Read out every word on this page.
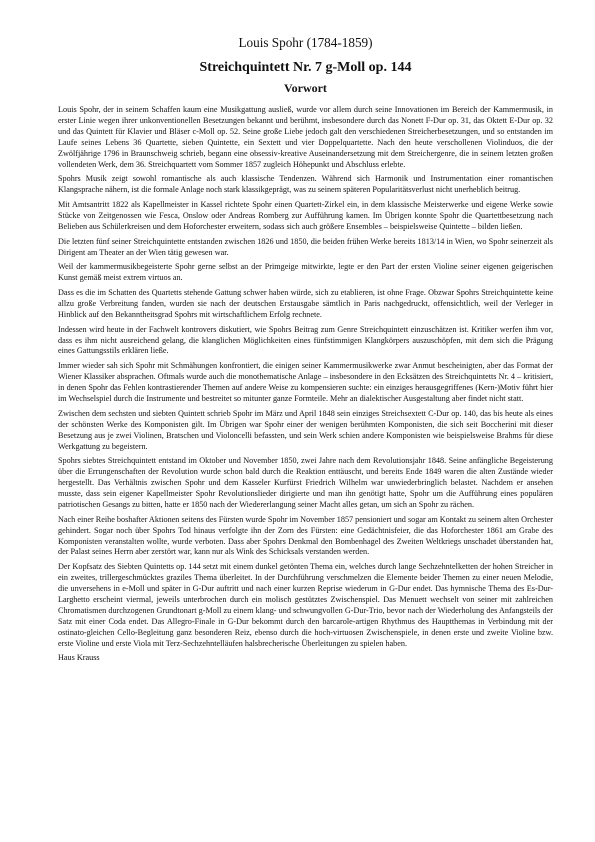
Louis Spohr (1784-1859)
Streichquintett Nr. 7 g-Moll op. 144
Vorwort

Louis Spohr, der in seinem Schaffen kaum eine Musikgattung ausließ, wurde vor allem durch seine Innovationen im Bereich der Kammermusik, in erster Linie wegen ihrer unkonventionellen Besetzungen bekannt und berühmt, insbesondere durch das Nonett F-Dur op. 31, das Oktett E-Dur op. 32 und das Quintett für Klavier und Bläser c-Moll op. 52. Seine große Liebe jedoch galt den verschiedenen Streicherbesetzungen, und so entstanden im Laufe seines Lebens 36 Quartette, sieben Quintette, ein Sextett und vier Doppelquartette. Nach den heute verschollenen Violinduos, die der Zwölfjährige 1796 in Braunschweig schrieb, begann eine obsessiv-kreative Auseinandersetzung mit dem Streichergenre, die in seinem letzten großen vollendeten Werk, dem 36. Streichquartett vom Sommer 1857 zugleich Höhepunkt und Abschluss erlebte.

Spohrs Musik zeigt sowohl romantische als auch klassische Tendenzen. Während sich Harmonik und Instrumentation einer romantischen Klangsprache nähern, ist die formale Anlage noch stark klassikgeprägt, was zu seinem späteren Popularitätsverlust nicht unerheblich beitrug.

Mit Amtsantritt 1822 als Kapellmeister in Kassel richtete Spohr einen Quartett-Zirkel ein, in dem klassische Meisterwerke und eigene Werke sowie Stücke von Zeitgenossen wie Fesca, Onslow oder Andreas Romberg zur Aufführung kamen. Im Übrigen konnte Spohr die Quartettbesetzung nach Belieben aus Schülerkreisen und dem Hoforchester erweitern, sodass sich auch größere Ensembles – beispielsweise Quintette – bilden ließen.

Die letzten fünf seiner Streichquintette entstanden zwischen 1826 und 1850, die beiden frühen Werke bereits 1813/14 in Wien, wo Spohr seinerzeit als Dirigent am Theater an der Wien tätig gewesen war.

Weil der kammermusikbegeisterte Spohr gerne selbst an der Primgeige mitwirkte, legte er den Part der ersten Violine seiner eigenen geigerischen Kunst gemäß meist extrem virtuos an.

Dass es die im Schatten des Quartetts stehende Gattung schwer haben würde, sich zu etablieren, ist ohne Frage. Obzwar Spohrs Streichquintette keine allzu große Verbreitung fanden, wurden sie nach der deutschen Erstausgabe sämtlich in Paris nachgedruckt, offensichtlich, weil der Verleger in Hinblick auf den Bekanntheitsgrad Spohrs mit wirtschaftlichem Erfolg rechnete.

Indessen wird heute in der Fachwelt kontrovers diskutiert, wie Spohrs Beitrag zum Genre Streichquintett einzuschätzen ist. Kritiker werfen ihm vor, dass es ihm nicht ausreichend gelang, die klanglichen Möglichkeiten eines fünfstimmigen Klangkörpers auszuschöpfen, mit dem sich die Prägung eines Gattungsstils erklären ließe.

Immer wieder sah sich Spohr mit Schmähungen konfrontiert, die einigen seiner Kammermusikwerke zwar Anmut bescheinigten, aber das Format der Wiener Klassiker absprachen. Oftmals wurde auch die monothematische Anlage – insbesondere in den Ecksätzen des Streichquintetts Nr. 4 – kritisiert, in denen Spohr das Fehlen kontrastierender Themen auf andere Weise zu kompensieren suchte: ein einziges herausgegriffenes (Kern-)Motiv führt hier im Wechselspiel durch die Instrumente und bestreitet so mitunter ganze Formteile. Mehr an dialektischer Ausgestaltung aber findet nicht statt.

Zwischen dem sechsten und siebten Quintett schrieb Spohr im März und April 1848 sein einziges Streichsextett C-Dur op. 140, das bis heute als eines der schönsten Werke des Komponisten gilt. Im Übrigen war Spohr einer der wenigen berühmten Komponisten, die sich seit Boccherini mit dieser Besetzung aus je zwei Violinen, Bratschen und Violoncelli befassten, und sein Werk schien andere Komponisten wie beispielsweise Brahms für diese Werkgattung zu begeistern.

Spohrs siebtes Streichquintett entstand im Oktober und November 1850, zwei Jahre nach dem Revolutionsjahr 1848. Seine anfängliche Begeisterung über die Errungenschaften der Revolution wurde schon bald durch die Reaktion enttäuscht, und bereits Ende 1849 waren die alten Zustände wieder hergestellt. Das Verhältnis zwischen Spohr und dem Kasseler Kurfürst Friedrich Wilhelm war unwiederbringlich belastet. Nachdem er ansehen musste, dass sein eigener Kapellmeister Spohr Revolutionslieder dirigierte und man ihn genötigt hatte, Spohr um die Aufführung eines populären patriotischen Gesangs zu bitten, hatte er 1850 nach der Wiedererlangung seiner Macht alles getan, um sich an Spohr zu rächen.

Nach einer Reihe boshafter Aktionen seitens des Fürsten wurde Spohr im November 1857 pensioniert und sogar am Kontakt zu seinem alten Orchester gehindert. Sogar noch über Spohrs Tod hinaus verfolgte ihn der Zorn des Fürsten: eine Gedächtnisfeier, die das Hoforchester 1861 am Grabe des Komponisten veranstalten wollte, wurde verboten. Dass aber Spohrs Denkmal den Bombenhagel des Zweiten Weltkriegs unschadet überstanden hat, der Palast seines Herrn aber zerstört war, kann nur als Wink des Schicksals verstanden werden.

Der Kopfsatz des Siebten Quintetts op. 144 setzt mit einem dunkel getönten Thema ein, welches durch lange Sechzehntelketten der hohen Streicher in ein zweites, trillergeschmücktes graziles Thema überleitet. In der Durchführung verschmelzen die Elemente beider Themen zu einer neuen Melodie, die unversehens in e-Moll und später in G-Dur auftritt und nach einer kurzen Reprise wiederum in G-Dur endet. Das hymnische Thema des Es-Dur-Larghetto erscheint viermal, jeweils unterbrochen durch ein molisch gestütztes Zwischenspiel. Das Menuett wechselt von seiner mit zahlreichen Chromatismen durchzogenen Grundtonart g-Moll zu einem klang- und schwungvollen G-Dur-Trio, bevor nach der Wiederholung des Anfangsteils der Satz mit einer Coda endet. Das Allegro-Finale in G-Dur bekommt durch den barcarole-artigen Rhythmus des Hauptthemas in Verbindung mit der ostinato-gleichen Cello-Begleitung ganz besonderen Reiz, ebenso durch die hoch-virtuosen Zwischenspiele, in denen erste und zweite Violine bzw. erste Violine und erste Viola mit Terz-Sechzehntelläufen halsbrecherische Überleitungen zu spielen haben.

Haus Krauss
